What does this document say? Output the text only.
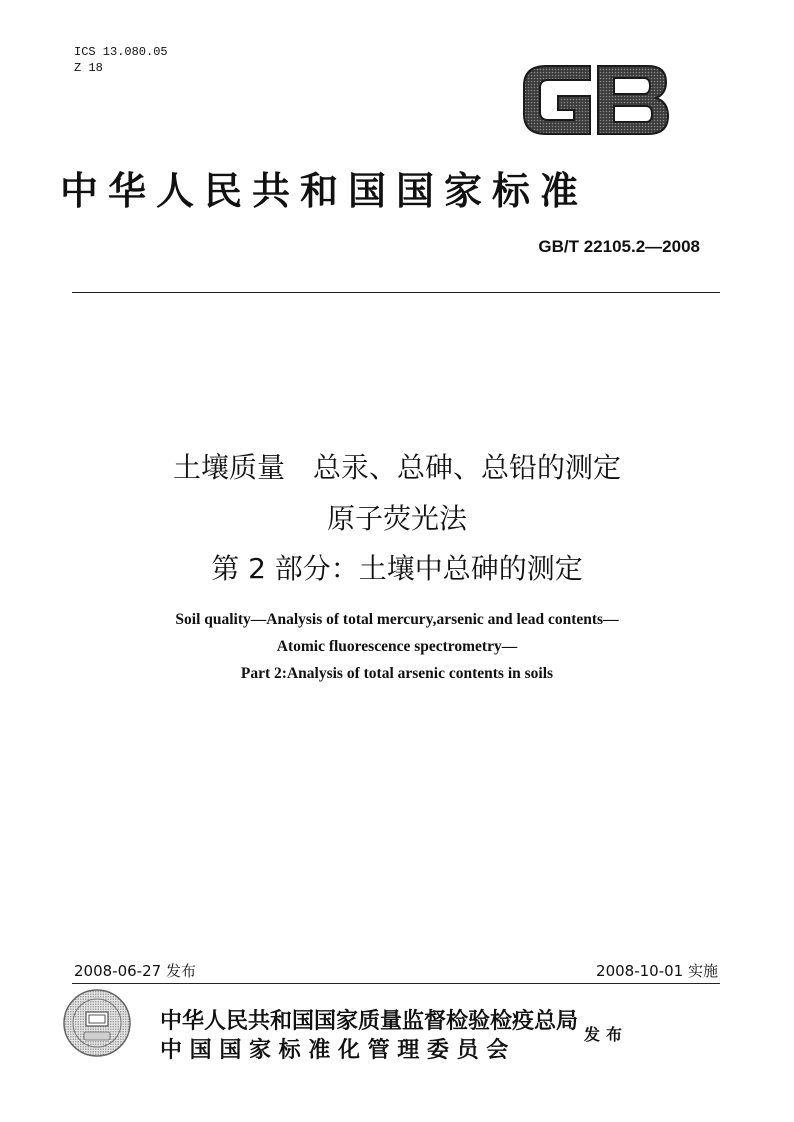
ICS 13.080.05
Z 18
中华人民共和国国家标准
GB/T 22105.2—2008
土壤质量　总汞、总砷、总铅的测定
原子荧光法
第 2 部分：土壤中总砷的测定
Soil quality—Analysis of total mercury,arsenic and lead contents—
Atomic fluorescence spectrometry—
Part 2:Analysis of total arsenic contents in soils
2008-06-27 发布	2008-10-01 实施
中华人民共和国国家质量监督检验检疫总局
中 国 国 家 标 准 化 管 理 委 员 会
发布
